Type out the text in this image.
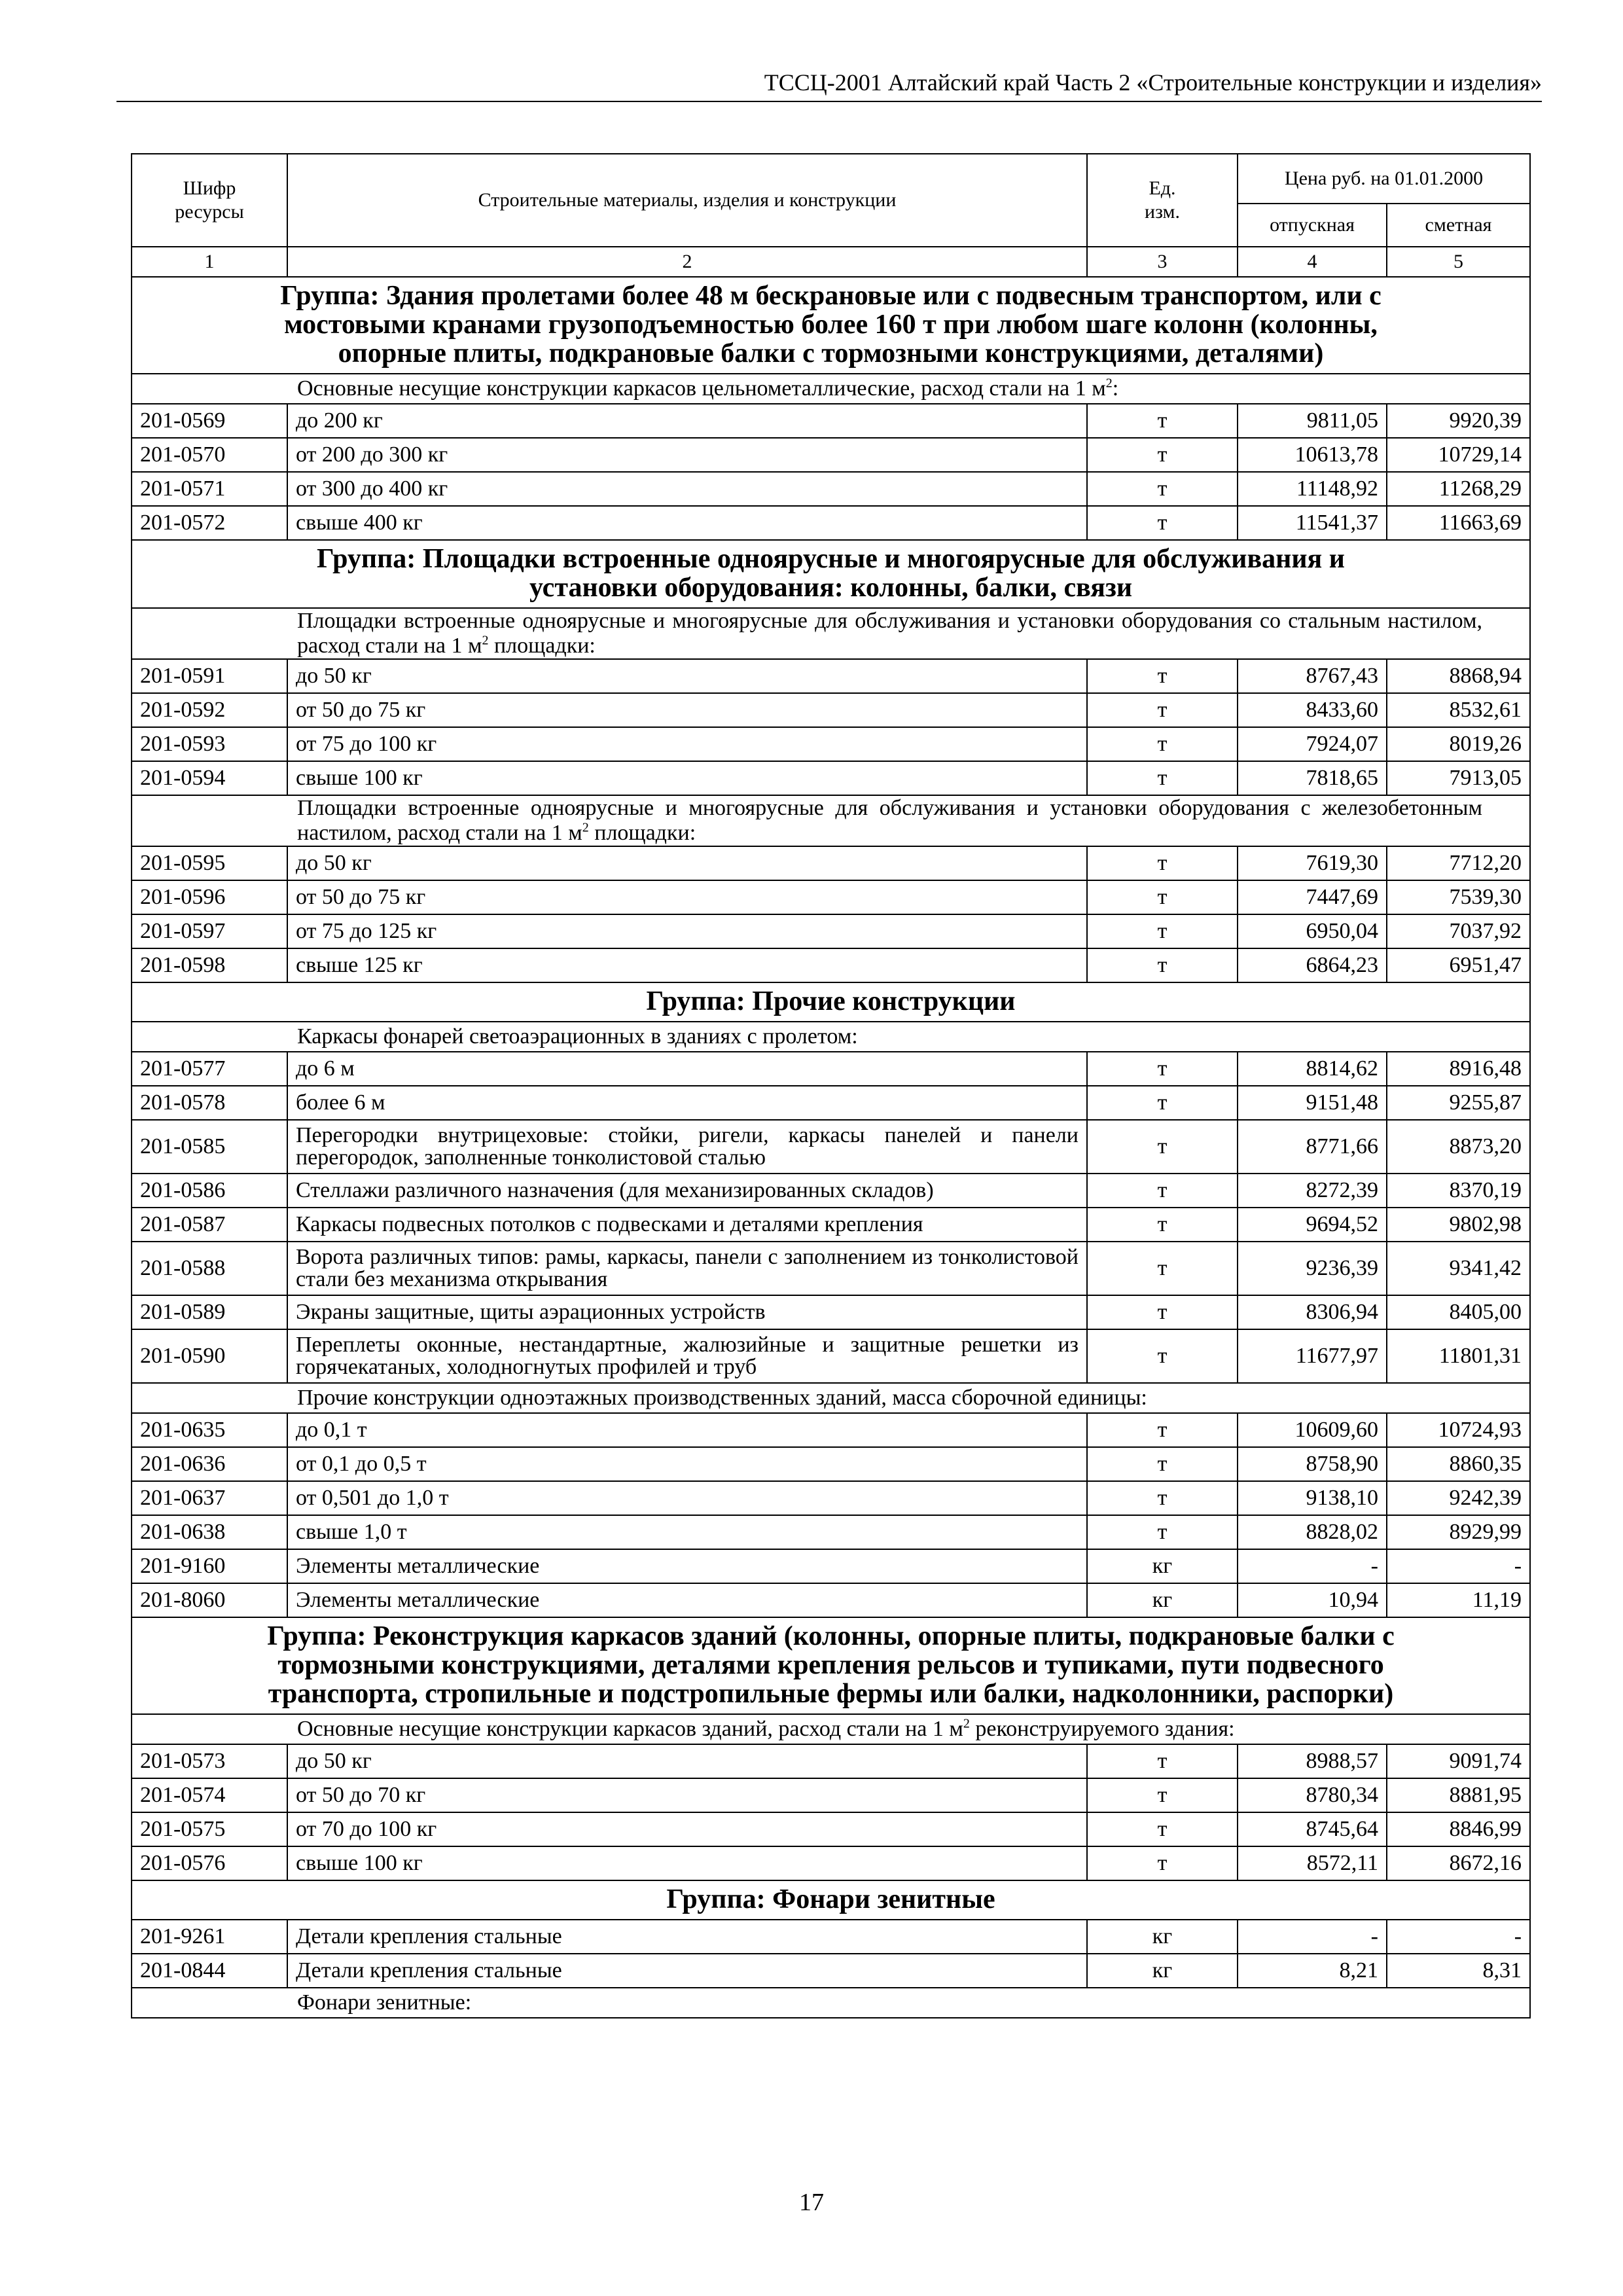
ТССЦ-2001 Алтайский край Часть 2 «Строительные конструкции и изделия»
Шифр ресурсы	Строительные материалы, изделия и конструкции	Ед. изм.	Цена руб. на 01.01.2000	
			отпускная	сметная
1	2	3	4	5
Группа: Здания пролетами более 48 м бескрановые или с подвесным транспортом, или с мостовыми кранами грузоподъемностью более 160 т при любом шаге колонн (колонны, опорные плиты, подкрановые балки с тормозными конструкциями, деталями)				

Основные несущие конструкции каркасов цельнометаллические, расход стали на 1 $м^2$:				

201-0569	до 200 кг	т	9811,05	9920,39
201-0570	от 200 до 300 кг	т	10613,78	10729,14
201-0571	от 300 до 400 кг	т	11148,92	11268,29
201-0572	свыше 400 кг	т	11541,37	11663,69
Группа: Площадки встроенные одноярусные и многоярусные для обслуживания и установки оборудования: колонны, балки, связи				

Площадки встроенные одноярусные и многоярусные для обслуживания и установки оборудования со стальным настилом, расход стали на 1 $м^2$ площадки:				

201-0591	до 50 кг	т	8767,43	8868,94
201-0592	от 50 до 75 кг	т	8433,60	8532,61
201-0593	от 75 до 100 кг	т	7924,07	8019,26
201-0594	свыше 100 кг	т	7818,65	7913,05

Площадки встроенные одноярусные и многоярусные для обслуживания и установки оборудования с железобетонным настилом, расход стали на 1 $м^2$ площадки:				

201-0595	до 50 кг	т	7619,30	7712,20
201-0596	от 50 до 75 кг	т	7447,69	7539,30
201-0597	от 75 до 125 кг	т	6950,04	7037,92
201-0598	свыше 125 кг	т	6864,23	6951,47
Группа: Прочие конструкции				

Каркасы фонарей светоаэрационных в зданиях с пролетом:				

201-0577	до 6 м	т	8814,62	8916,48
201-0578	более 6 м	т	9151,48	9255,87
201-0585	Перегородки внутрицеховые: стойки, ригели, каркасы панелей и панели перегородок, заполненные тонколистовой сталью	т	8771,66	8873,20
201-0586	Стеллажи различного назначения (для механизированных складов)	т	8272,39	8370,19
201-0587	Каркасы подвесных потолков с подвесками и деталями крепления	т	9694,52	9802,98
201-0588	Ворота различных типов: рамы, каркасы, панели с заполнением из тонколистовой стали без механизма открывания	т	9236,39	9341,42
201-0589	Экраны защитные, щиты аэрационных устройств	т	8306,94	8405,00
201-0590	Переплеты оконные, нестандартные, жалюзийные и защитные решетки из горячекатаных, холодногнутых профилей и труб	т	11677,97	11801,31

Прочие конструкции одноэтажных производственных зданий, масса сборочной единицы:				

201-0635	до 0,1 т	т	10609,60	10724,93
201-0636	от 0,1 до 0,5 т	т	8758,90	8860,35
201-0637	от 0,501 до 1,0 т	т	9138,10	9242,39
201-0638	свыше 1,0 т	т	8828,02	8929,99
201-9160	Элементы металлические	кг	-	-
201-8060	Элементы металлические	кг	10,94	11,19
Группа: Реконструкция каркасов зданий (колонны, опорные плиты, подкрановые балки с тормозными конструкциями, деталями крепления рельсов и тупиками, пути подвесного транспорта, стропильные и подстропильные фермы или балки, надколонники, распорки)				

Основные несущие конструкции каркасов зданий, расход стали на 1 $м^2$ реконструируемого здания:				

201-0573	до 50 кг	т	8988,57	9091,74
201-0574	от 50 до 70 кг	т	8780,34	8881,95
201-0575	от 70 до 100 кг	т	8745,64	8846,99
201-0576	свыше 100 кг	т	8572,11	8672,16
Группа: Фонари зенитные				
201-9261	Детали крепления стальные	кг	-	-
201-0844	Детали крепления стальные	кг	8,21	8,31

Фонари зенитные:				
17
